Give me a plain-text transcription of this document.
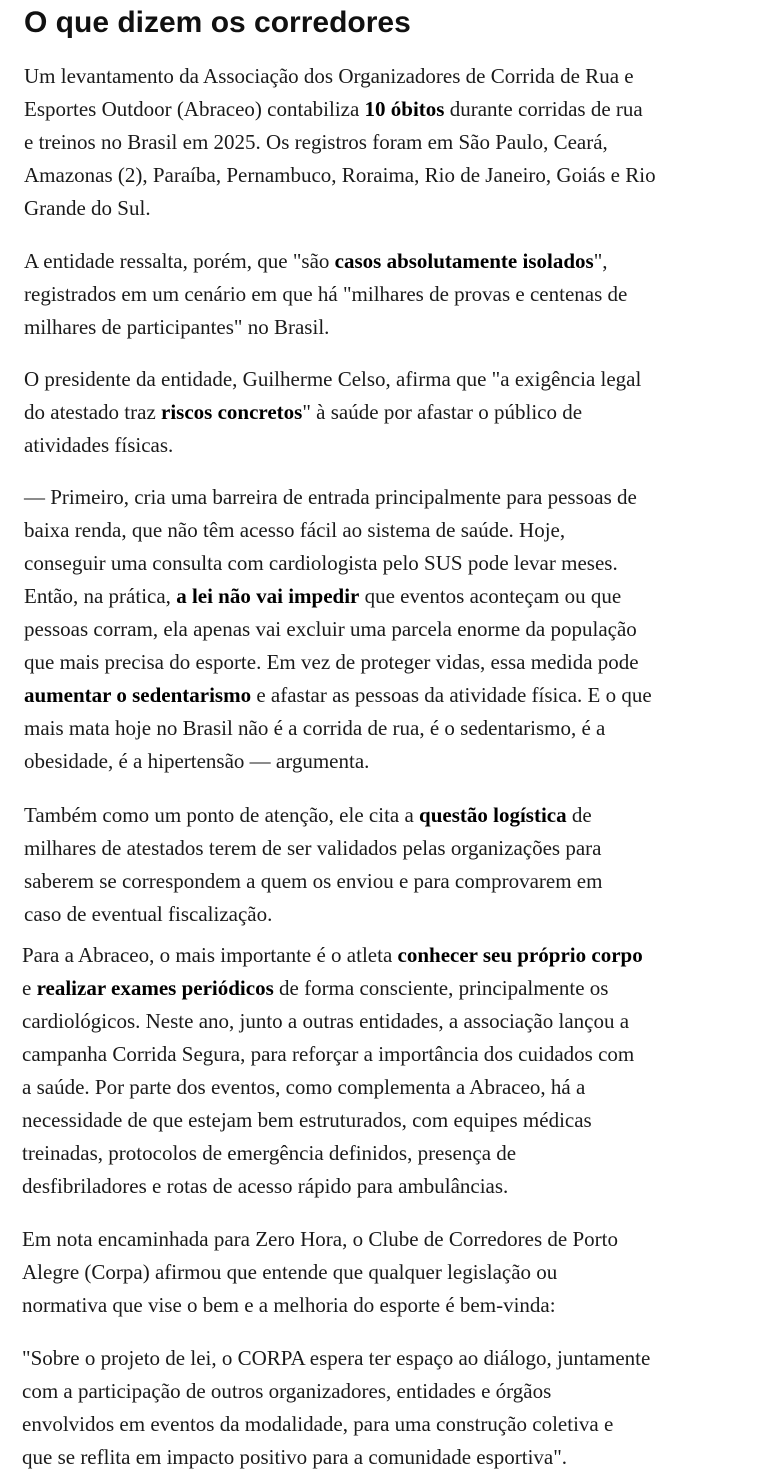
O que dizem os corredores

Um levantamento da Associação dos Organizadores de Corrida de Rua e
Esportes Outdoor (Abraceo) contabiliza 10 óbitos durante corridas de rua
e treinos no Brasil em 2025. Os registros foram em São Paulo, Ceará,
Amazonas (2), Paraíba, Pernambuco, Roraima, Rio de Janeiro, Goiás e Rio
Grande do Sul.

A entidade ressalta, porém, que "são casos absolutamente isolados",
registrados em um cenário em que há "milhares de provas e centenas de
milhares de participantes" no Brasil.

O presidente da entidade, Guilherme Celso, afirma que "a exigência legal
do atestado traz riscos concretos" à saúde por afastar o público de
atividades físicas.

— Primeiro, cria uma barreira de entrada principalmente para pessoas de
baixa renda, que não têm acesso fácil ao sistema de saúde. Hoje,
conseguir uma consulta com cardiologista pelo SUS pode levar meses.
Então, na prática, a lei não vai impedir que eventos aconteçam ou que
pessoas corram, ela apenas vai excluir uma parcela enorme da população
que mais precisa do esporte. Em vez de proteger vidas, essa medida pode
aumentar o sedentarismo e afastar as pessoas da atividade física. E o que
mais mata hoje no Brasil não é a corrida de rua, é o sedentarismo, é a
obesidade, é a hipertensão — argumenta.

Também como um ponto de atenção, ele cita a questão logística de
milhares de atestados terem de ser validados pelas organizações para
saberem se correspondem a quem os enviou e para comprovarem em
caso de eventual fiscalização.

Para a Abraceo, o mais importante é o atleta conhecer seu próprio corpo
e realizar exames periódicos de forma consciente, principalmente os
cardiológicos. Neste ano, junto a outras entidades, a associação lançou a
campanha Corrida Segura, para reforçar a importância dos cuidados com
a saúde. Por parte dos eventos, como complementa a Abraceo, há a
necessidade de que estejam bem estruturados, com equipes médicas
treinadas, protocolos de emergência definidos, presença de
desfibriladores e rotas de acesso rápido para ambulâncias.

Em nota encaminhada para Zero Hora, o Clube de Corredores de Porto
Alegre (Corpa) afirmou que entende que qualquer legislação ou
normativa que vise o bem e a melhoria do esporte é bem-vinda:

"Sobre o projeto de lei, o CORPA espera ter espaço ao diálogo, juntamente
com a participação de outros organizadores, entidades e órgãos
envolvidos em eventos da modalidade, para uma construção coletiva e
que se reflita em impacto positivo para a comunidade esportiva".
